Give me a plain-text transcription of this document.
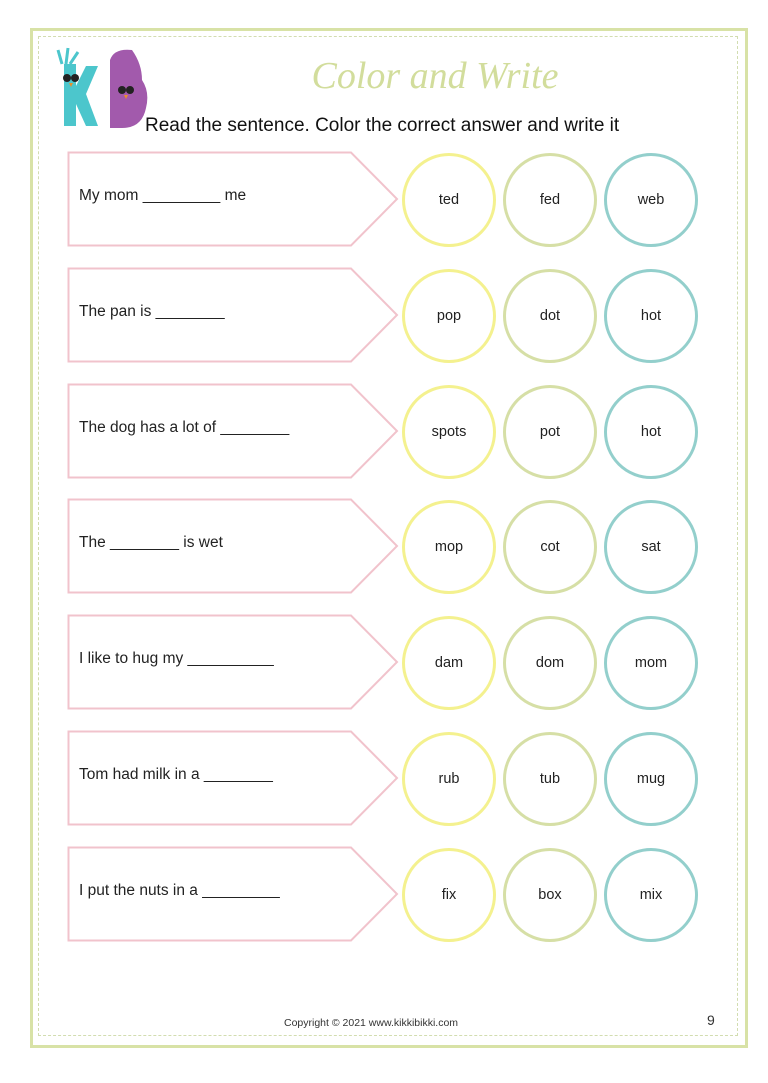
Color and Write
Read the sentence. Color the correct answer and write it
My mom _________ me	ted	fed	web
The pan is ________	pop	dot	hot
The dog has a lot of ________	spots	pot	hot
The ________ is wet	mop	cot	sat
I like to hug my __________	dam	dom	mom
Tom had milk in a ________	rub	tub	mug
I put the nuts in a _________	fix	box	mix
Copyright © 2021 www.kikkibikki.com	9
